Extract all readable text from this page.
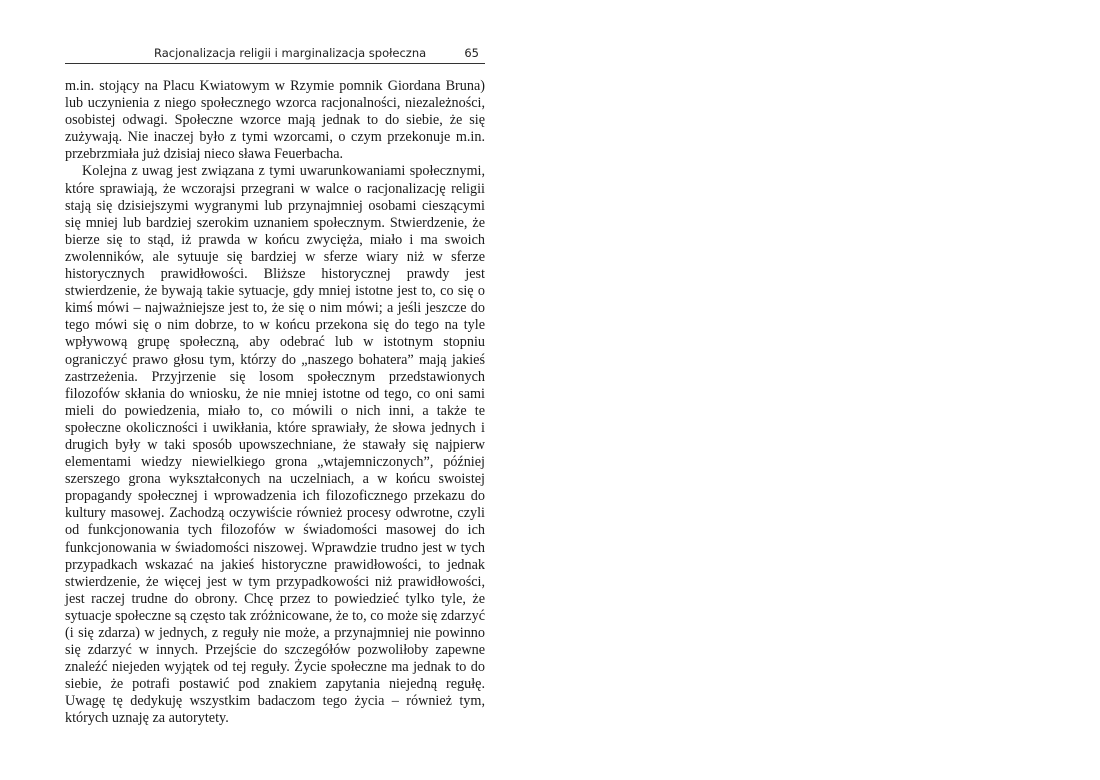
Racjonalizacja religii i marginalizacja społeczna	65

m.in. stojący na Placu Kwiatowym w Rzymie pomnik Giordana Bruna) lub uczynienia z niego społecznego wzorca racjonalności, niezależności, osobistej odwagi. Społeczne wzorce mają jednak to do siebie, że się zużywają. Nie inaczej było z tymi wzorcami, o czym przekonuje m.in. przebrzmiała już dzisiaj nieco sława Feuerbacha.

Kolejna z uwag jest związana z tymi uwarunkowaniami społecznymi, które sprawiają, że wczorajsi przegrani w walce o racjonalizację religii stają się dzisiejszymi wygranymi lub przynajmniej osobami cieszącymi się mniej lub bardziej szerokim uznaniem społecznym. Stwierdzenie, że bierze się to stąd, iż prawda w końcu zwycięża, miało i ma swoich zwolenników, ale sytuuje się bardziej w sferze wiary niż w sferze historycznych prawidłowości. Bliższe historycznej prawdy jest stwierdzenie, że bywają takie sytuacje, gdy mniej istotne jest to, co się o kimś mówi – najważniejsze jest to, że się o nim mówi; a jeśli jeszcze do tego mówi się o nim dobrze, to w końcu przekona się do tego na tyle wpływową grupę społeczną, aby odebrać lub w istotnym stopniu ograniczyć prawo głosu tym, którzy do „naszego bohatera” mają jakieś zastrzeżenia. Przyjrzenie się losom społecznym przedstawionych filozofów skłania do wniosku, że nie mniej istotne od tego, co oni sami mieli do powiedzenia, miało to, co mówili o nich inni, a także te społeczne okoliczności i uwikłania, które sprawiały, że słowa jednych i drugich były w taki sposób upowszechniane, że stawały się najpierw elementami wiedzy niewielkiego grona „wtajemniczonych”, później szerszego grona wykształconych na uczelniach, a w końcu swoistej propagandy społecznej i wprowadzenia ich filozoficznego przekazu do kultury masowej. Zachodzą oczywiście również procesy odwrotne, czyli od funkcjonowania tych filozofów w świadomości masowej do ich funkcjonowania w świadomości niszowej. Wprawdzie trudno jest w tych przypadkach wskazać na jakieś historyczne prawidłowości, to jednak stwierdzenie, że więcej jest w tym przypadkowości niż prawidłowości, jest raczej trudne do obrony. Chcę przez to powiedzieć tylko tyle, że sytuacje społeczne są często tak zróżnicowane, że to, co może się zdarzyć (i się zdarza) w jednych, z reguły nie może, a przynajmniej nie powinno się zdarzyć w innych. Przejście do szczegółów pozwoliłoby zapewne znaleźć niejeden wyjątek od tej reguły. Życie społeczne ma jednak to do siebie, że potrafi postawić pod znakiem zapytania niejedną regułę. Uwagę tę dedykuję wszystkim badaczom tego życia – również tym, których uznaję za autorytety.
